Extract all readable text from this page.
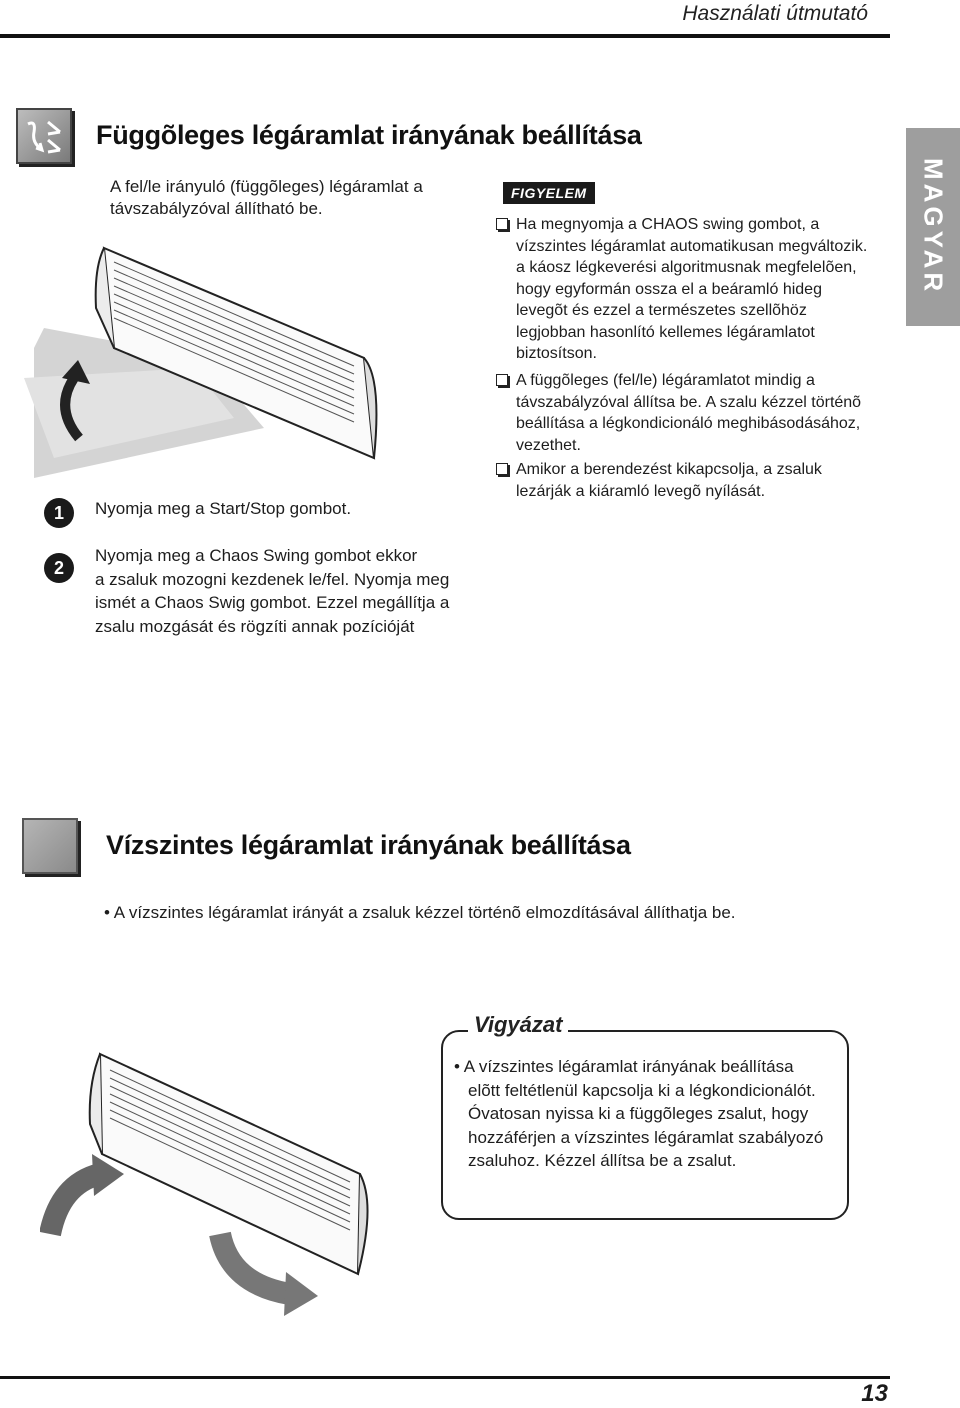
Használati útmutató
MAGYAR
Függõleges légáramlat irányának beállítása
A fel/le irányuló (függõleges) légáramlat a
távszabályzóval állítható be.
FIGYELEM
Ha megnyomja a CHAOS swing gombot, a
vízszintes légáramlat automatikusan megváltozik.
a káosz légkeverési algoritmusnak megfelelõen,
hogy egyformán ossza el a beáramló hideg
levegõt és ezzel a természetes szellõhöz
legjobban hasonlító kellemes légáramlatot
biztosítson.
A függõleges (fel/le) légáramlatot mindig a
távszabályzóval állítsa be. A szalu kézzel történõ
beállítása a légkondicionáló meghibásodásához,
vezethet.
Amikor a berendezést kikapcsolja, a zsaluk
lezárják a kiáramló levegõ nyílását.
1	Nyomja meg a Start/Stop gombot.
2
Nyomja meg a Chaos Swing gombot ekkor
a zsaluk mozogni kezdenek le/fel. Nyomja meg
ismét a Chaos Swig gombot. Ezzel megállítja a
zsalu mozgását és rögzíti annak pozícióját
Vízszintes légáramlat irányának beállítása
• A vízszintes légáramlat irányát a zsaluk kézzel történõ elmozdításával állíthatja be.
Vigyázat
• A vízszintes légáramlat irányának beállítása
elõtt feltétlenül kapcsolja ki a légkondicionálót.
Óvatosan nyissa ki a függõleges zsalut, hogy
hozzáférjen a vízszintes légáramlat szabályozó
zsaluhoz. Kézzel állítsa be a zsalut.
13
